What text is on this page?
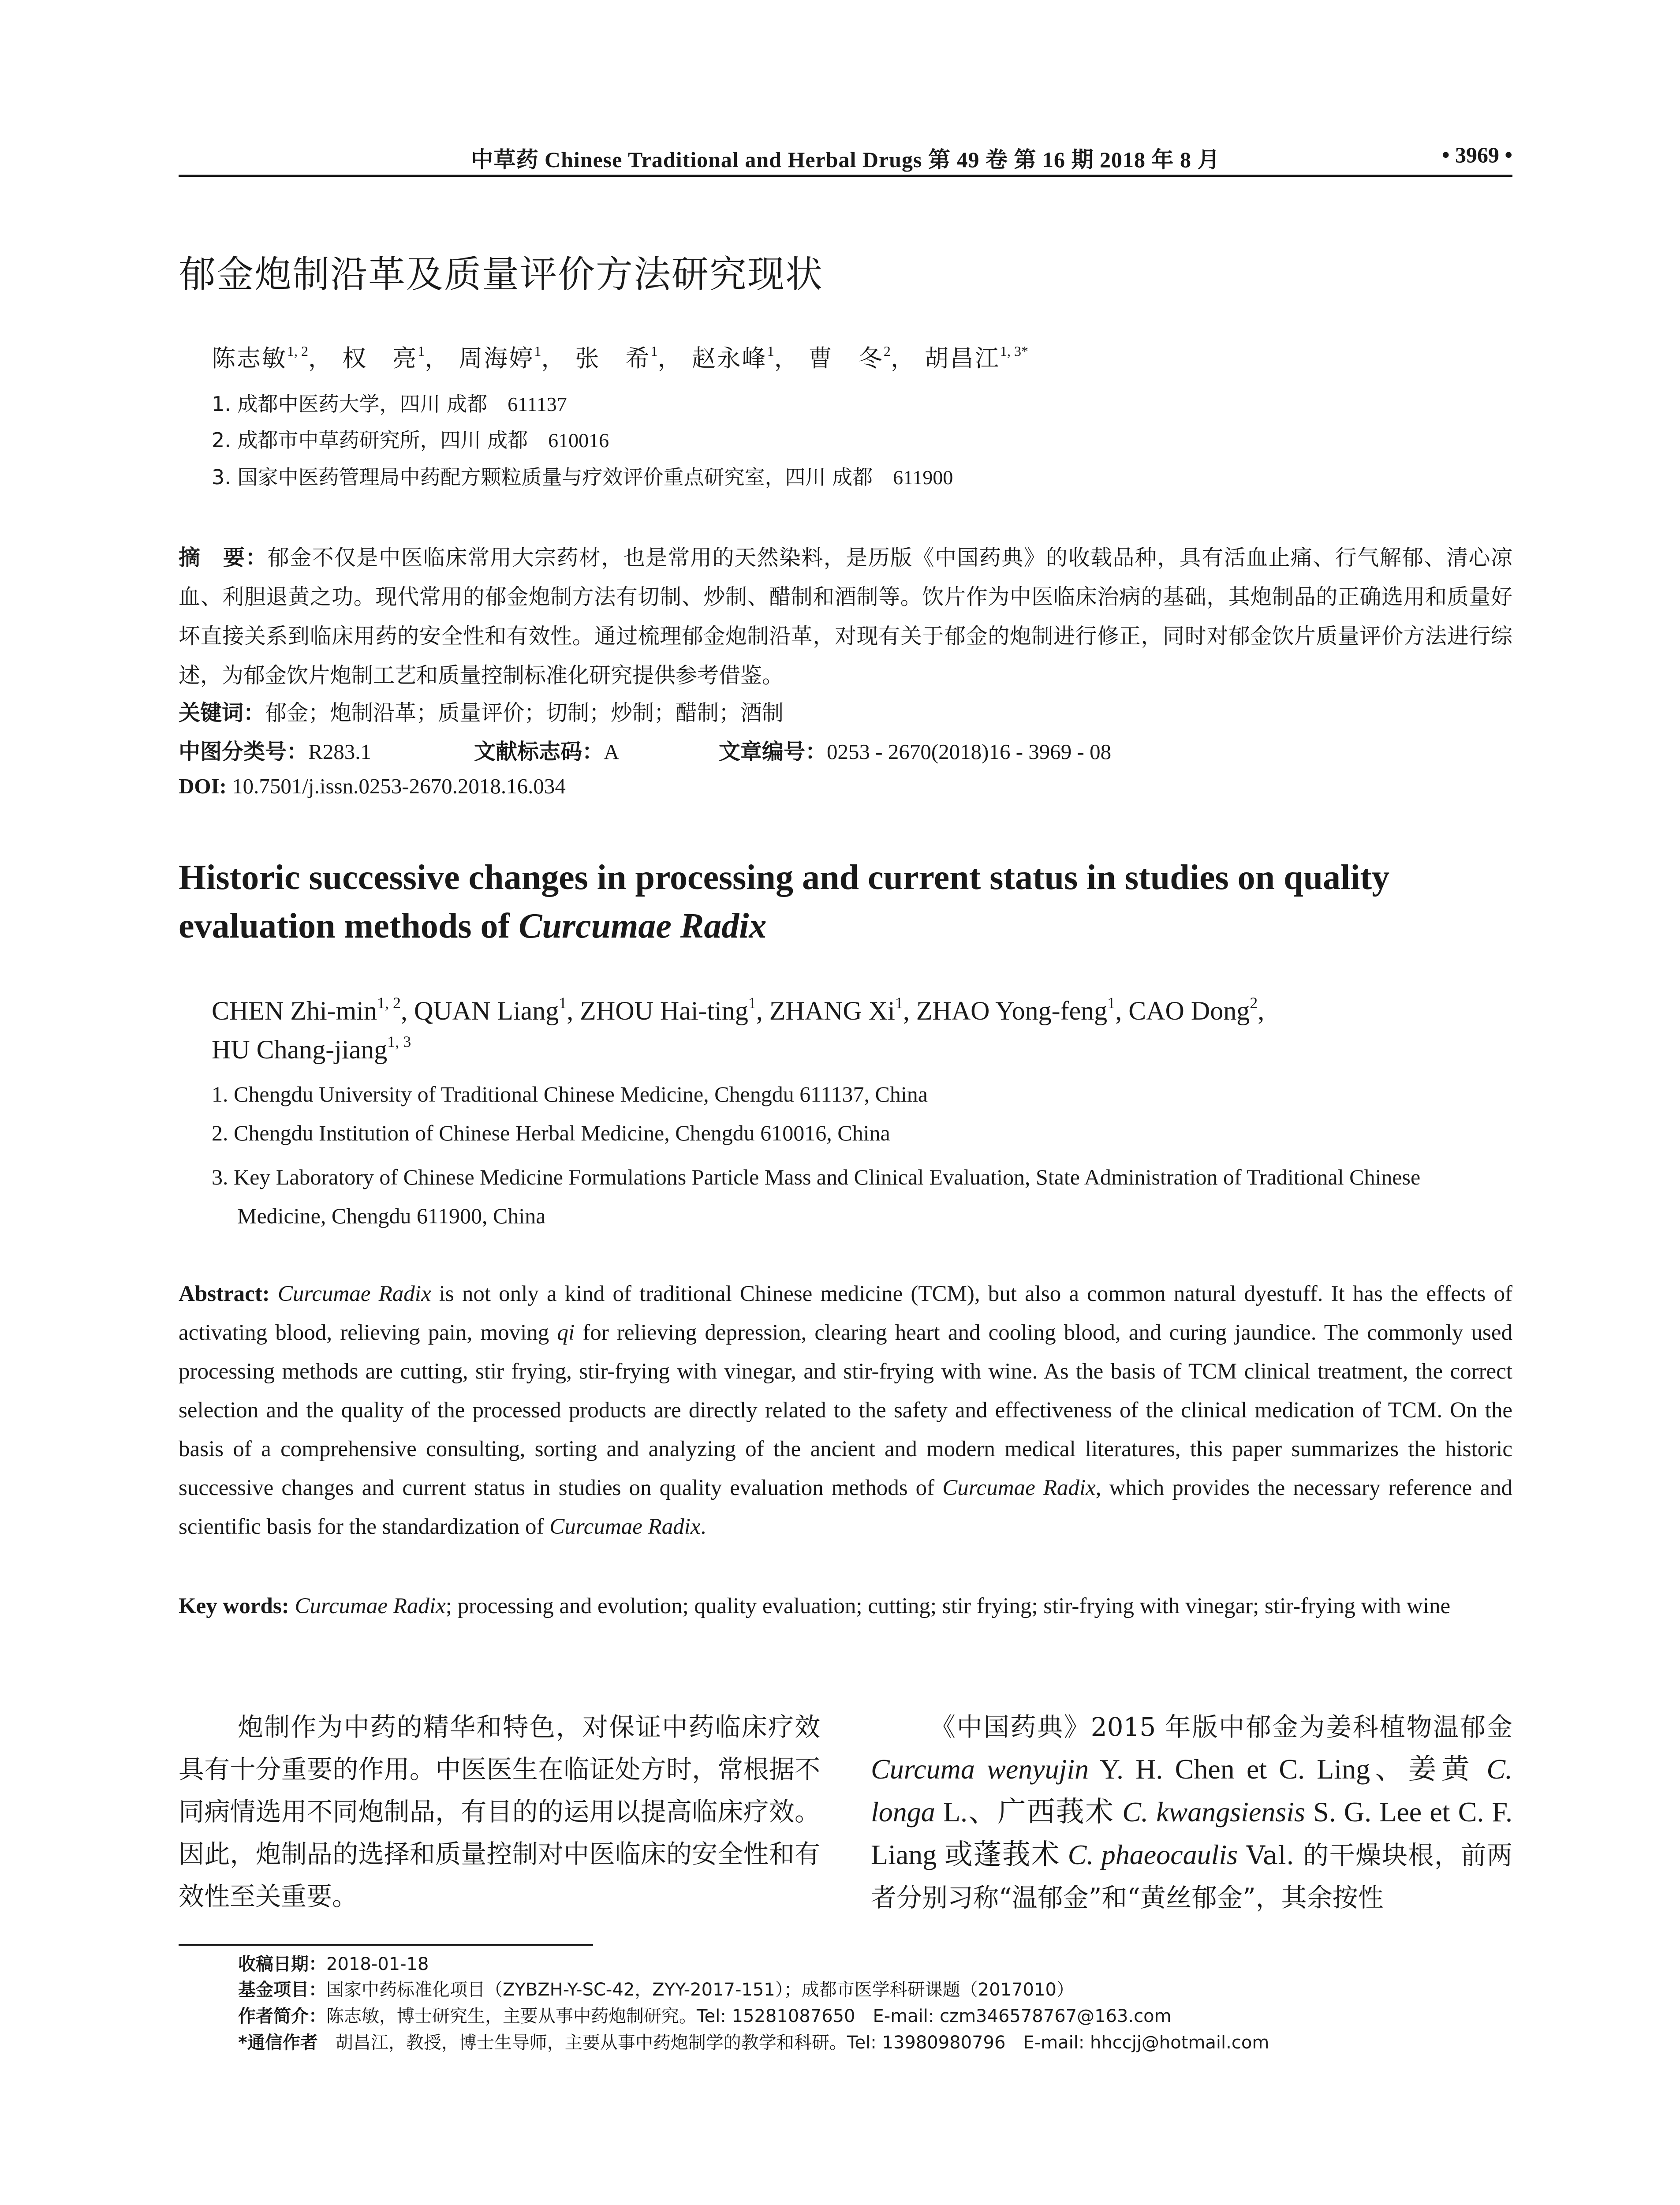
中草药 Chinese Traditional and Herbal Drugs 第 49 卷 第 16 期 2018 年 8 月	• 3969 •
郁金炮制沿革及质量评价方法研究现状
陈志敏$^{1, 2}$， 权　亮$^1$， 周海婷$^1$， 张　希$^1$， 赵永峰$^1$， 曹　冬$^2$， 胡昌江$^{1, 3*}$
1. 成都中医药大学，四川 成都　 611137
2. 成都市中草药研究所，四川 成都　 610016
3. 国家中医药管理局中药配方颗粒质量与疗效评价重点研究室，四川 成都　 611900
摘　要：郁金不仅是中医临床常用大宗药材，也是常用的天然染料，是历版《中国药典》的收载品种，具有活血止痛、行气解郁、清心凉血、利胆退黄之功。现代常用的郁金炮制方法有切制、炒制、醋制和酒制等。饮片作为中医临床治病的基础，其炮制品的正确选用和质量好坏直接关系到临床用药的安全性和有效性。通过梳理郁金炮制沿革，对现有关于郁金的炮制进行修正，同时对郁金饮片质量评价方法进行综述，为郁金饮片炮制工艺和质量控制标准化研究提供参考借鉴。
关键词：郁金；炮制沿革；质量评价；切制；炒制；醋制；酒制
中图分类号：R283.1	文献标志码：A	文章编号：0253 - 2670(2018)16 - 3969 - 08
DOI: 10.7501/j.issn.0253-2670.2018.16.034
Historic successive changes in processing and current status in studies on quality evaluation methods of Curcumae Radix
CHEN Zhi-$\min^{1, 2}$, QUAN Liang$^1$, ZHOU Hai-ting$^1$, ZHANG Xi$^1$, ZHAO Yong-feng$^1$, CAO Dong$^2$,
HU Chang-jiang$^{1, 3}$
1. Chengdu University of Traditional Chinese Medicine, Chengdu 611137, China
2. Chengdu Institution of Chinese Herbal Medicine, Chengdu 610016, China
3. Key Laboratory of Chinese Medicine Formulations Particle Mass and Clinical Evaluation, State Administration of Traditional Chinese Medicine, Chengdu 611900, China
Abstract: Curcumae Radix is not only a kind of traditional Chinese medicine (TCM), but also a common natural dyestuff. It has the effects of activating blood, relieving pain, moving qi for relieving depression, clearing heart and cooling blood, and curing jaundice. The commonly used processing methods are cutting, stir frying, stir-frying with vinegar, and stir-frying with wine. As the basis of TCM clinical treatment, the correct selection and the quality of the processed products are directly related to the safety and effectiveness of the clinical medication of TCM. On the basis of a comprehensive consulting, sorting and analyzing of the ancient and modern medical literatures, this paper summarizes the historic successive changes and current status in studies on quality evaluation methods of Curcumae Radix, which provides the necessary reference and scientific basis for the standardization of Curcumae Radix.
Key words: Curcumae Radix; processing and evolution; quality evaluation; cutting; stir frying; stir-frying with vinegar; stir-frying with wine
炮制作为中药的精华和特色，对保证中药临床疗效具有十分重要的作用。中医医生在临证处方时，常根据不同病情选用不同炮制品，有目的的运用以提高临床疗效。因此，炮制品的选择和质量控制对中医临床的安全性和有效性至关重要。
《中国药典》2015 年版中郁金为姜科植物温郁金 Curcuma wenyujin Y. H. Chen et C. Ling、姜黄 C. longa L.、广西莪术 C. kwangsiensis S. G. Lee et C. F. Liang 或蓬莪术 C. phaeocaulis Val. 的干燥块根，前两者分别习称“温郁金”和“黄丝郁金”，其余按性
收稿日期：2018-01-18
基金项目：国家中药标准化项目（ZYBZH-Y-SC-42，ZYY-2017-151）；成都市医学科研课题（2017010）
作者简介：陈志敏，博士研究生，主要从事中药炮制研究。Tel: 15281087650　E-mail: czm346578767@163.com
*通信作者　胡昌江，教授，博士生导师，主要从事中药炮制学的教学和科研。Tel: 13980980796　E-mail: hhccjj@hotmail.com
